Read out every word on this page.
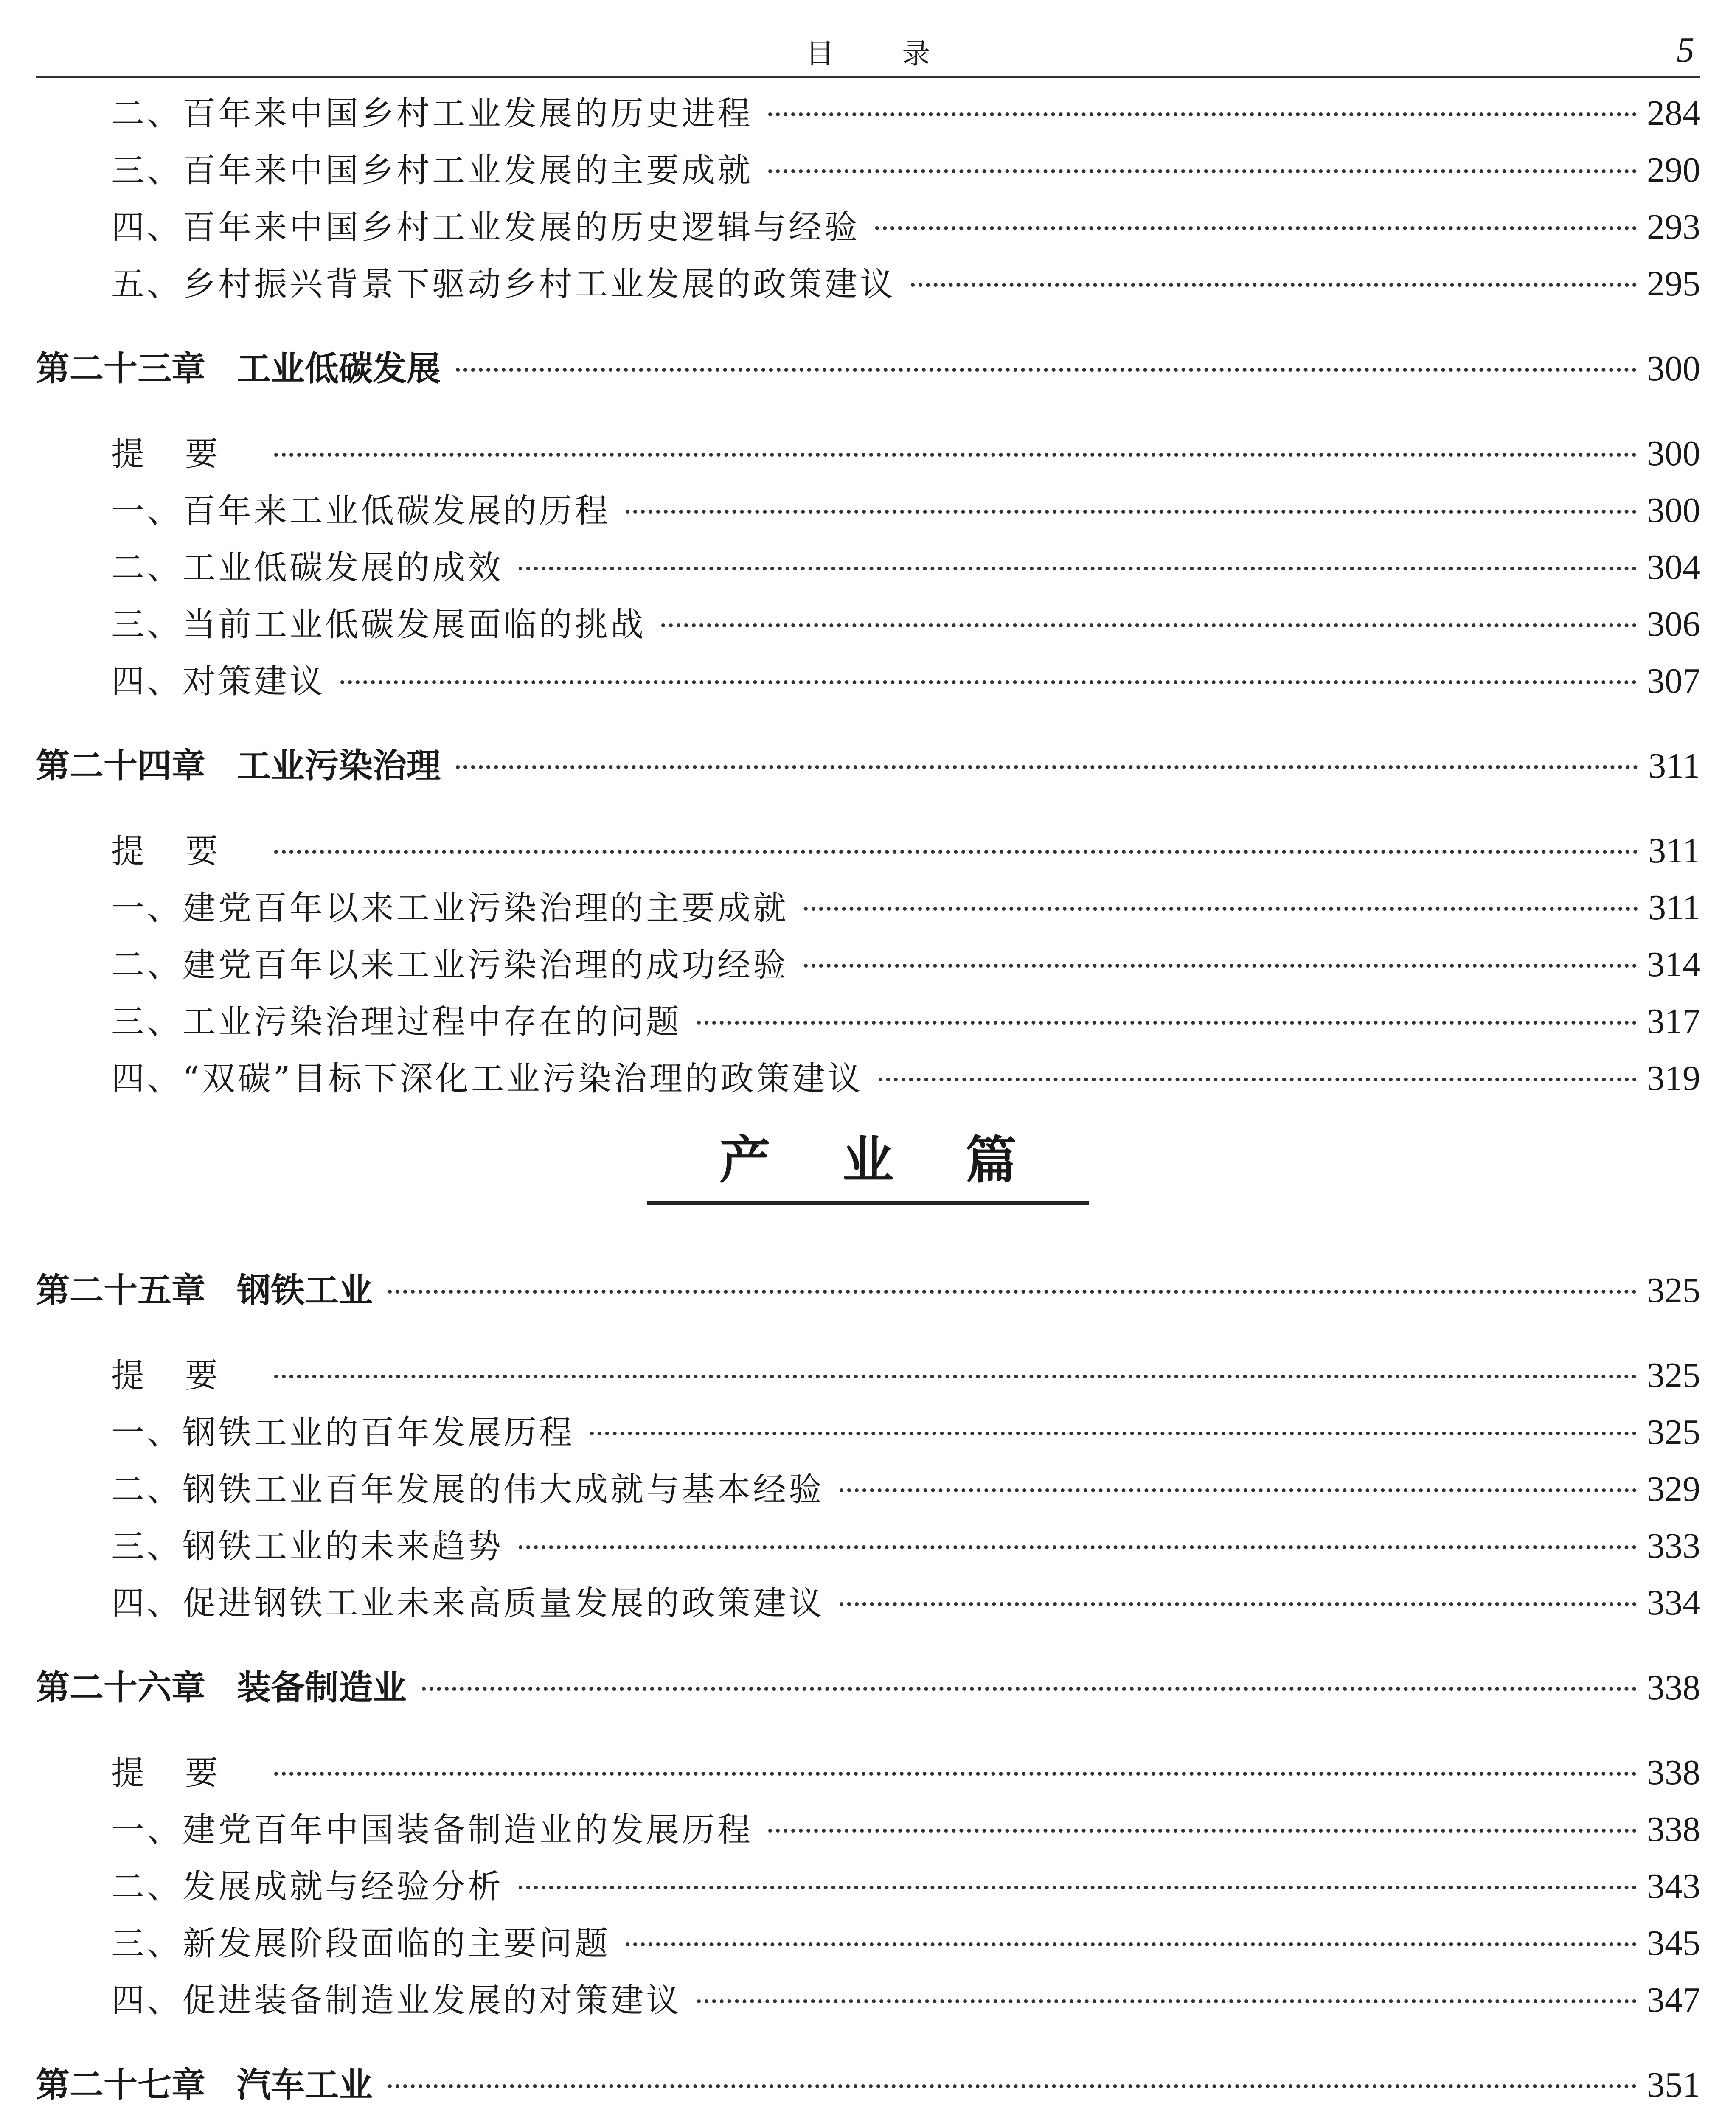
目 录	5
二、百年来中国乡村工业发展的历史进程	284
三、百年来中国乡村工业发展的主要成就	290
四、百年来中国乡村工业发展的历史逻辑与经验	293
五、乡村振兴背景下驱动乡村工业发展的政策建议	295
第二十三章 工业低碳发展	300
提要	300
一、百年来工业低碳发展的历程	300
二、工业低碳发展的成效	304
三、当前工业低碳发展面临的挑战	306
四、对策建议	307
第二十四章 工业污染治理	311
提要	311
一、建党百年以来工业污染治理的主要成就	311
二、建党百年以来工业污染治理的成功经验	314
三、工业污染治理过程中存在的问题	317
四、“双碳”目标下深化工业污染治理的政策建议	319
产业篇
第二十五章 钢铁工业	325
提要	325
一、钢铁工业的百年发展历程	325
二、钢铁工业百年发展的伟大成就与基本经验	329
三、钢铁工业的未来趋势	333
四、促进钢铁工业未来高质量发展的政策建议	334
第二十六章 装备制造业	338
提要	338
一、建党百年中国装备制造业的发展历程	338
二、发展成就与经验分析	343
三、新发展阶段面临的主要问题	345
四、促进装备制造业发展的对策建议	347
第二十七章 汽车工业	351
